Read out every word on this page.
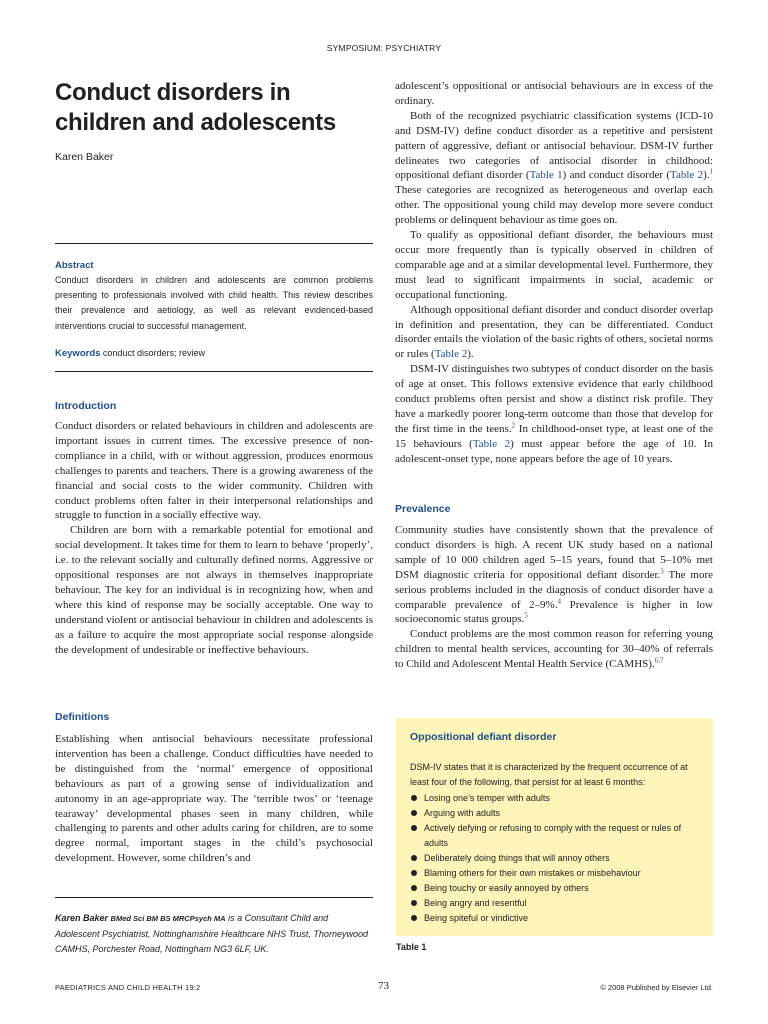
SYMPOSIUM: PSYCHIATRY
Conduct disorders in
children and adolescents
Karen Baker
Abstract
Conduct disorders in children and adolescents are common problems presenting to professionals involved with child health. This review describes their prevalence and aetiology, as well as relevant evidenced-based interventions crucial to successful management.
Keywords conduct disorders; review
Introduction

Conduct disorders or related behaviours in children and adolescents are important issues in current times. The excessive presence of non-compliance in a child, with or without aggression, produces enormous challenges to parents and teachers. There is a growing awareness of the financial and social costs to the wider community. Children with conduct problems often falter in their interpersonal relationships and struggle to function in a socially effective way.

Children are born with a remarkable potential for emotional and social development. It takes time for them to learn to behave ‘properly’, i.e. to the relevant socially and culturally defined norms. Aggressive or oppositional responses are not always in themselves inappropriate behaviour. The key for an individual is in recognizing how, when and where this kind of response may be socially acceptable. One way to understand violent or antisocial behaviour in children and adolescents is as a failure to acquire the most appropriate social response alongside the development of undesirable or ineffective behaviours.

Definitions

Establishing when antisocial behaviours necessitate professional intervention has been a challenge. Conduct difficulties have needed to be distinguished from the ‘normal’ emergence of oppositional behaviours as part of a growing sense of individualization and autonomy in an age-appropriate way. The ‘terrible twos’ or ‘teenage tearaway’ developmental phases seen in many children, while challenging to parents and other adults caring for children, are to some degree normal, important stages in the child’s psychosocial development. However, some children’s and

Karen Baker BMed Sci BM BS MRCPsych MA is a Consultant Child and Adolescent Psychiatrist, Nottinghamshire Healthcare NHS Trust, Thorneywood CAMHS, Porchester Road, Nottingham NG3 6LF, UK.

adolescent’s oppositional or antisocial behaviours are in excess of the ordinary.

Both of the recognized psychiatric classification systems (ICD-10 and DSM-IV) define conduct disorder as a repetitive and persistent pattern of aggressive, defiant or antisocial behaviour. DSM-IV further delineates two categories of antisocial disorder in childhood: oppositional defiant disorder (Table 1) and conduct disorder (Table 2).$^1$ These categories are recognized as heterogeneous and overlap each other. The oppositional young child may develop more severe conduct problems or delinquent behaviour as time goes on.

To qualify as oppositional defiant disorder, the behaviours must occur more frequently than is typically observed in children of comparable age and at a similar developmental level. Furthermore, they must lead to significant impairments in social, academic or occupational functioning.

Although oppositional defiant disorder and conduct disorder overlap in definition and presentation, they can be differentiated. Conduct disorder entails the violation of the basic rights of others, societal norms or rules (Table 2).

DSM-IV distinguishes two subtypes of conduct disorder on the basis of age at onset. This follows extensive evidence that early childhood conduct problems often persist and show a distinct risk profile. They have a markedly poorer long-term outcome than those that develop for the first time in the teens.$^2$ In childhood-onset type, at least one of the 15 behaviours (Table 2) must appear before the age of 10. In adolescent-onset type, none appears before the age of 10 years.

Prevalence

Community studies have consistently shown that the prevalence of conduct disorders is high. A recent UK study based on a national sample of 10 000 children aged 5–15 years, found that 5–10% met DSM diagnostic criteria for oppositional defiant disorder.$^3$ The more serious problems included in the diagnosis of conduct disorder have a comparable prevalence of 2–9%.$^4$ Prevalence is higher in low socioeconomic status groups.$^5$

Conduct problems are the most common reason for referring young children to mental health services, accounting for 30–40% of referrals to Child and Adolescent Mental Health Service (CAMHS).$^{6,7}$

Oppositional defiant disorder
DSM-IV states that it is characterized by the frequent occurrence of at least four of the following, that persist for at least 6 months:
Losing one’s temper with adults
Arguing with adults
Actively defying or refusing to comply with the request or rules of adults
Deliberately doing things that will annoy others
Blaming others for their own mistakes or misbehaviour
Being touchy or easily annoyed by others
Being angry and resentful
Being spiteful or vindictive
Table 1
PAEDIATRICS AND CHILD HEALTH 19:2	73	© 2008 Published by Elsevier Ltd.
